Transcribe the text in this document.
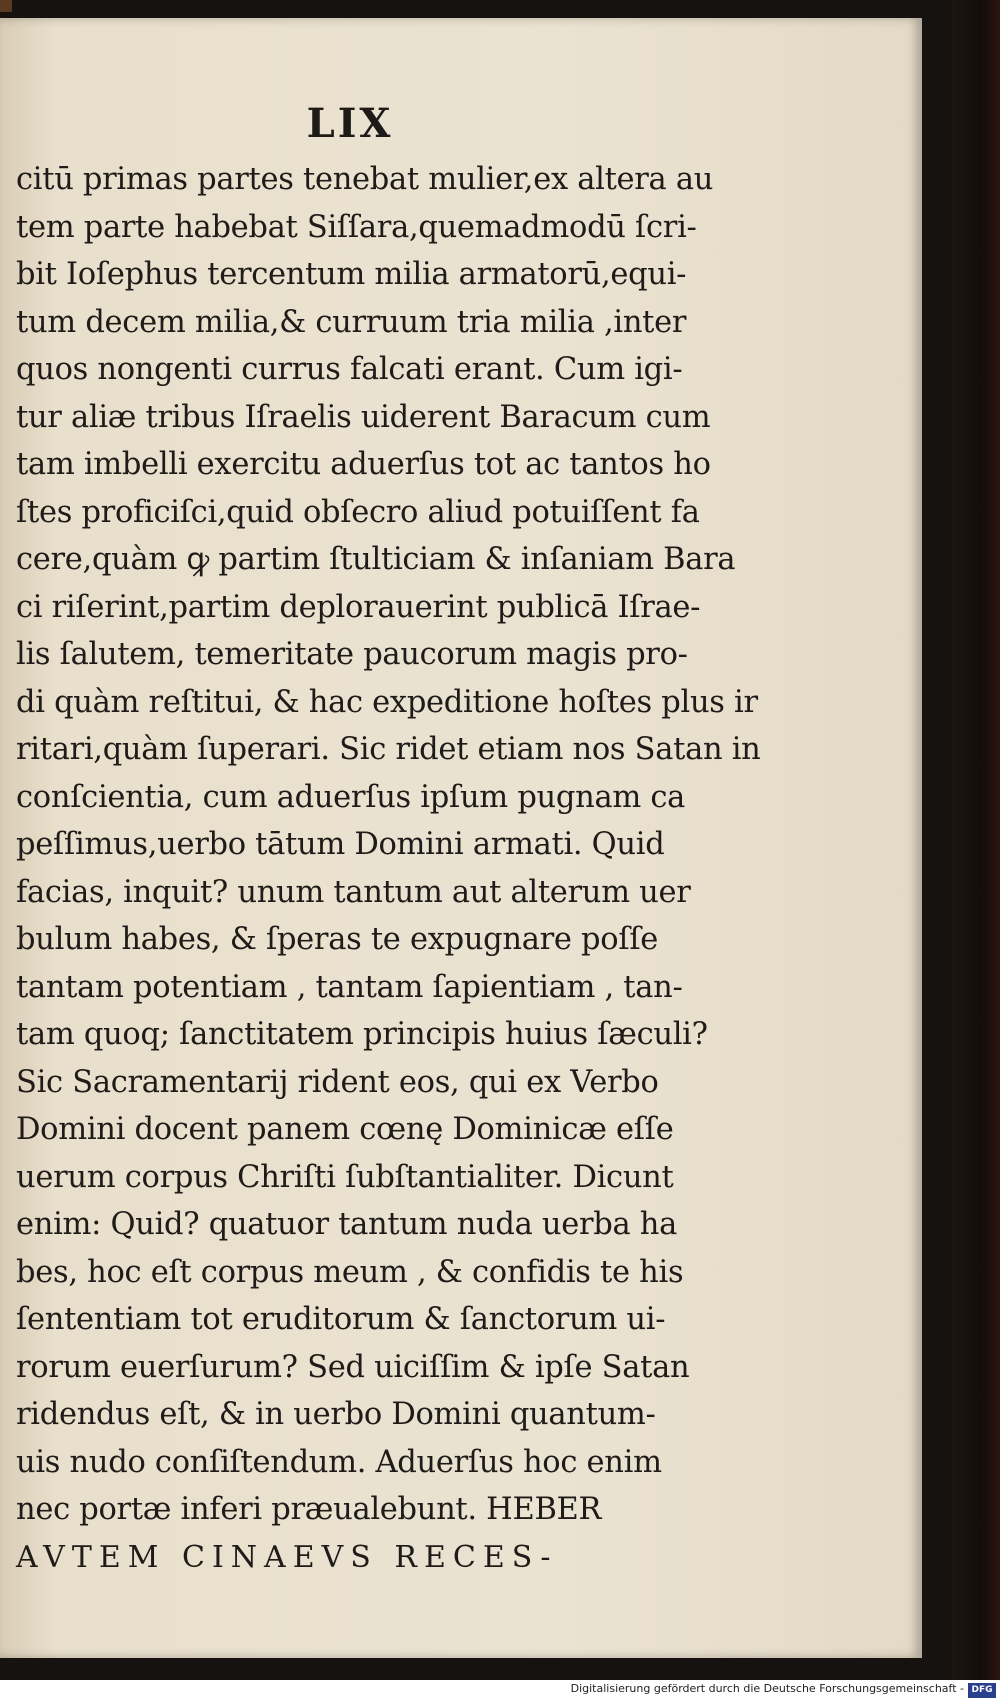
LIX
citū primas partes tenebat mulier,ex altera au
tem parte habebat Siſſara,quemadmodū ſcri-
bit Ioſephus tercentum milia armatorū,equi-
tum decem milia,& curruum tria milia ,inter
quos nongenti currus falcati erant. Cum igi-
tur aliæ tribus Iſraelis uiderent Baracum cum
tam imbelli exercitu aduerſus tot ac tantos ho
ſtes proficiſci,quid obſecro aliud potuiſſent fa
cere,quàm ꝙ partim ſtulticiam & inſaniam Bara
ci riſerint,partim deplorauerint publicā Iſrae-
lis ſalutem, temeritate paucorum magis pro-
di quàm reſtitui, & hac expeditione hoſtes plus ir
ritari,quàm ſuperari. Sic ridet etiam nos Satan in
conſcientia, cum aduerſus ipſum pugnam ca
peſſimus,uerbo tātum Domini armati. Quid
facias, inquit? unum tantum aut alterum uer
bulum habes, & ſperas te expugnare poſſe
tantam potentiam , tantam ſapientiam , tan-
tam quoq; ſanctitatem principis huius ſæculi?
Sic Sacramentarij rident eos, qui ex Verbo
Domini docent panem cœnę Dominicæ eſſe
uerum corpus Chriſti ſubſtantialiter. Dicunt
enim: Quid? quatuor tantum nuda uerba ha
bes, hoc eſt corpus meum , & confidis te his
ſententiam tot eruditorum & ſanctorum ui-
rorum euerſurum? Sed uiciſſim & ipſe Satan
ridendus eſt, & in uerbo Domini quantum-
uis nudo conſiſtendum. Aduerſus hoc enim
nec portæ inferi præualebunt. HEBER
AVTEM CINAEVS RECES-
Digitalisierung gefördert durch die Deutsche Forschungsgemeinschaft - DFG
